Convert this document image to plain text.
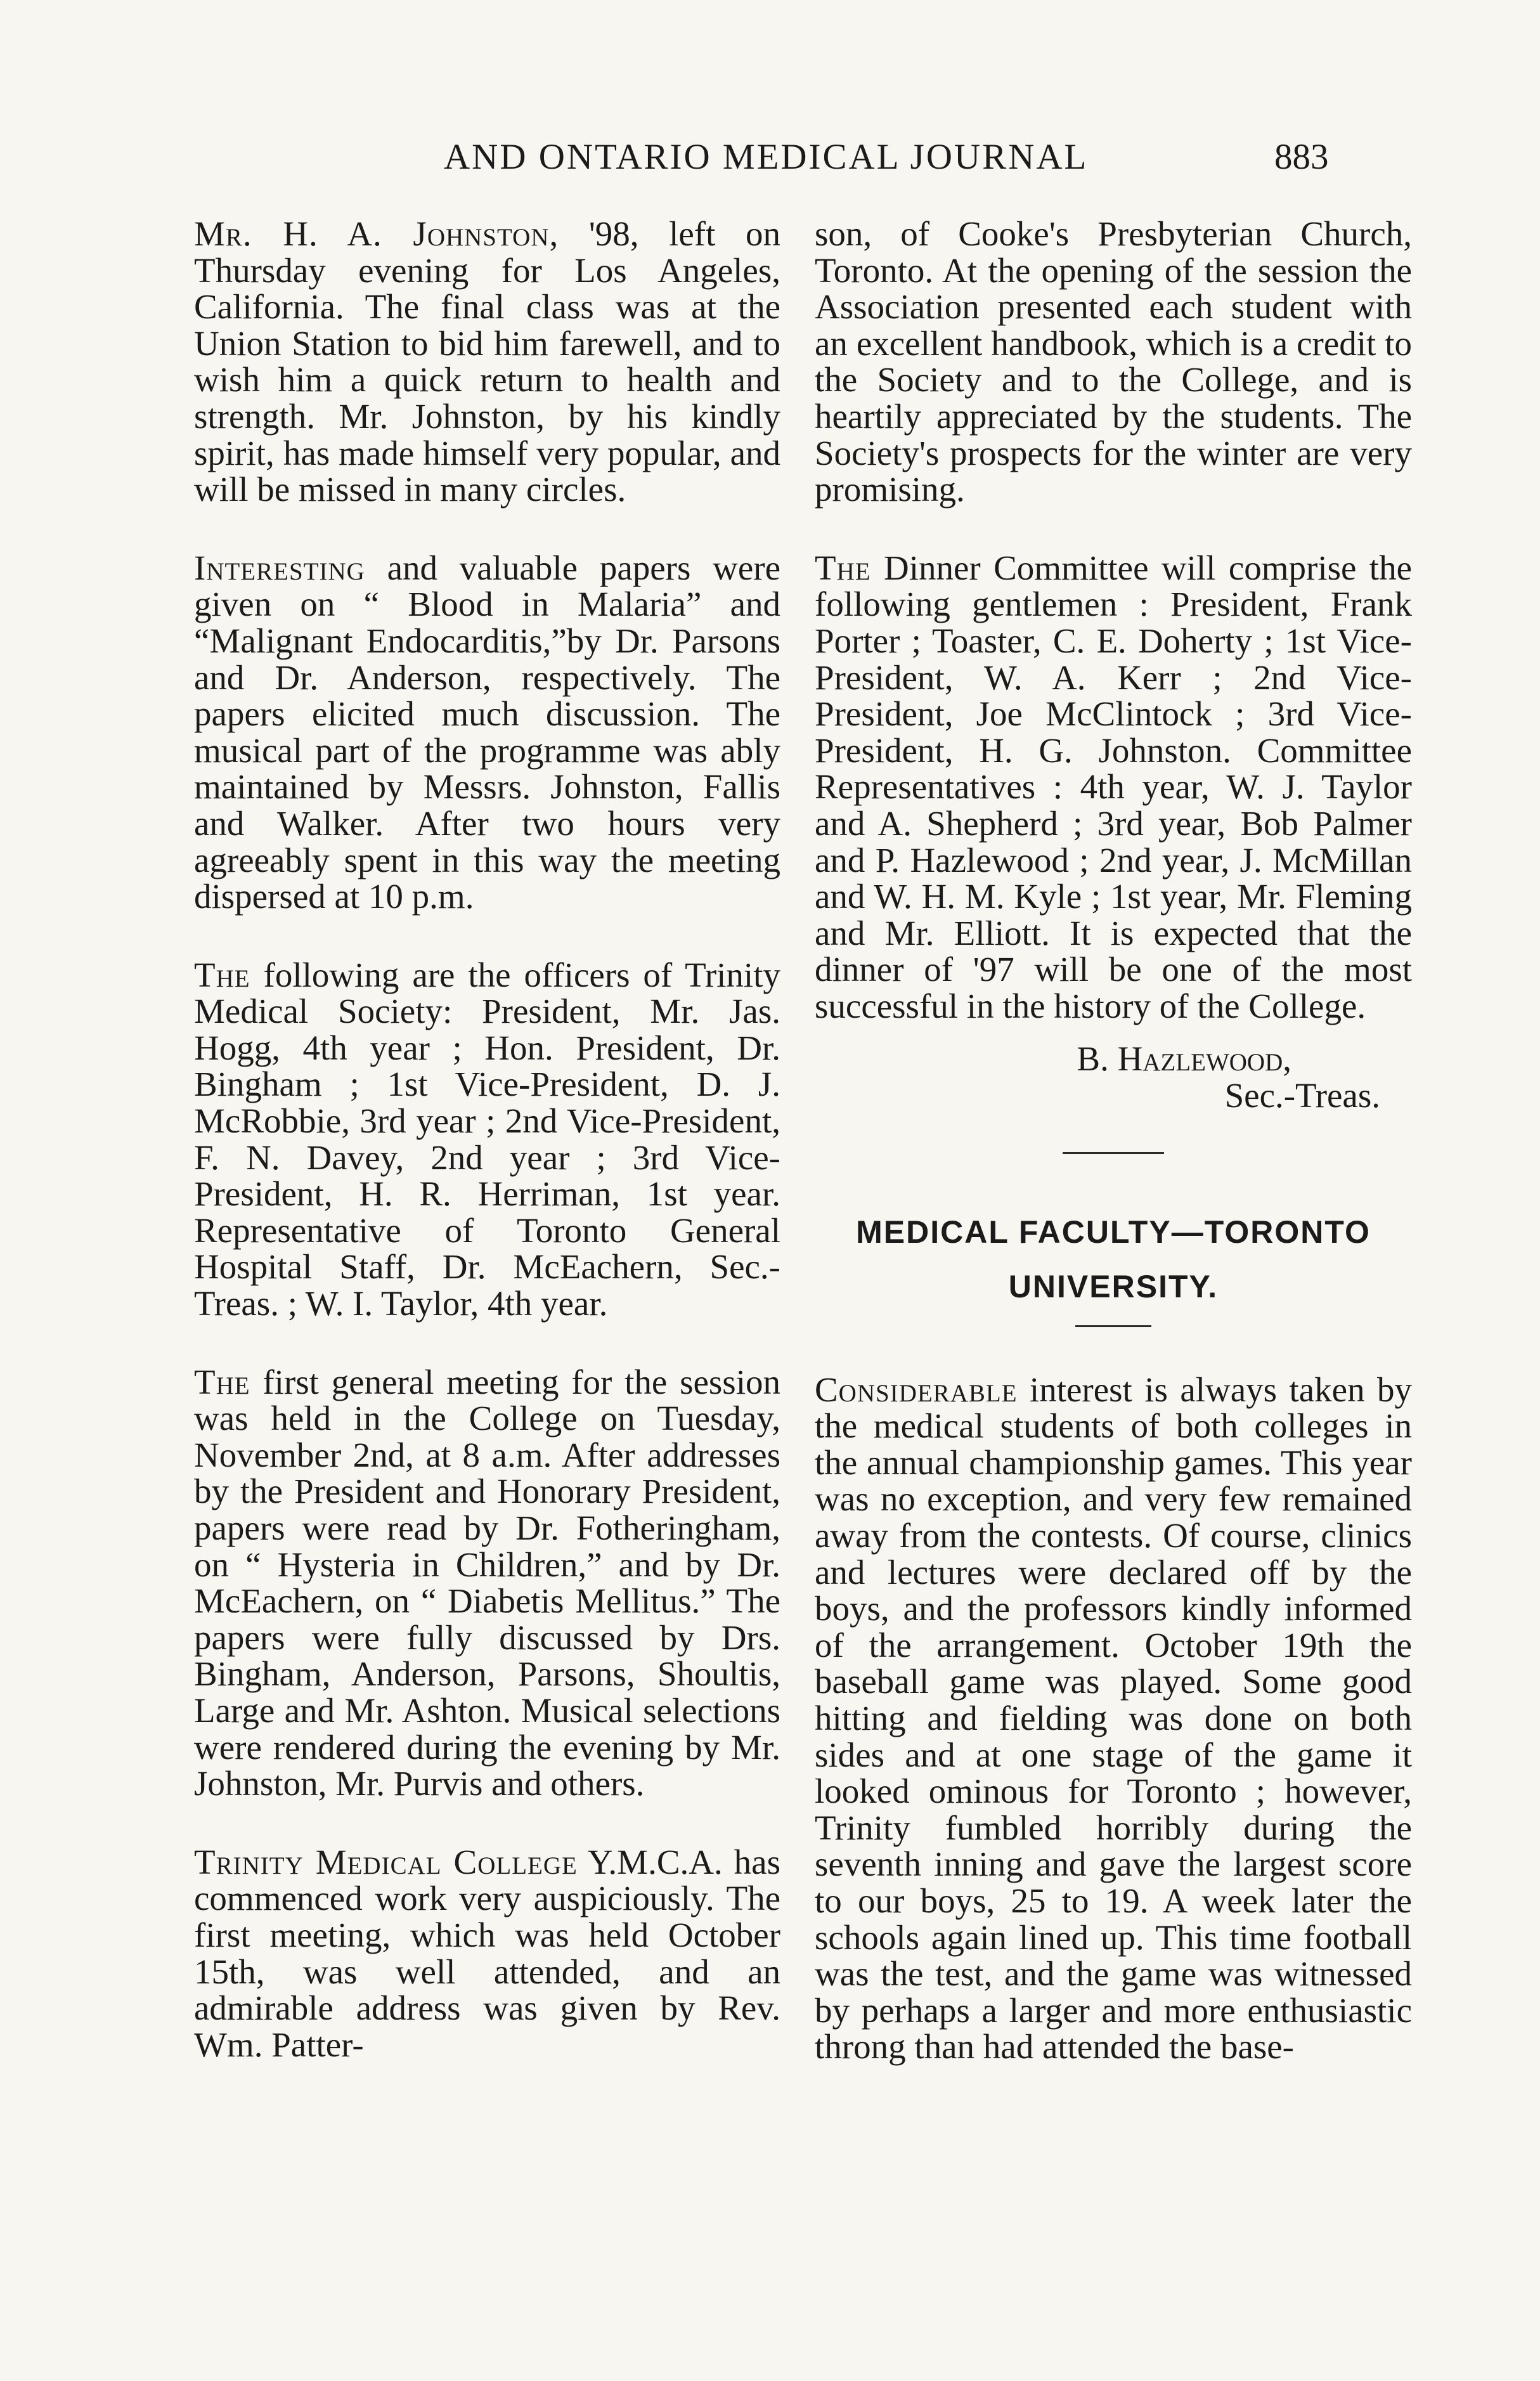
AND ONTARIO MEDICAL JOURNAL	883

Mr. H. A. Johnston, '98, left on Thursday evening for Los Angeles, California. The final class was at the Union Station to bid him farewell, and to wish him a quick return to health and strength. Mr. Johnston, by his kindly spirit, has made himself very popular, and will be missed in many circles.

Interesting and valuable papers were given on “ Blood in Malaria” and “Malignant Endocarditis,”by Dr. Parsons and Dr. Anderson, respectively. The papers elicited much discussion. The musical part of the programme was ably maintained by Messrs. Johnston, Fallis and Walker. After two hours very agreeably spent in this way the meeting dispersed at 10 p.m.

The following are the officers of Trinity Medical Society: President, Mr. Jas. Hogg, 4th year ; Hon. President, Dr. Bingham ; 1st Vice-President, D. J. McRobbie, 3rd year ; 2nd Vice-President, F. N. Davey, 2nd year ; 3rd Vice-President, H. R. Herriman, 1st year. Representative of Toronto General Hospital Staff, Dr. McEachern, Sec.-Treas. ; W. I. Taylor, 4th year.

The first general meeting for the session was held in the College on Tuesday, November 2nd, at 8 a.m. After addresses by the President and Honorary President, papers were read by Dr. Fotheringham, on “ Hysteria in Children,” and by Dr. McEachern, on “ Diabetis Mellitus.” The papers were fully discussed by Drs. Bingham, Anderson, Parsons, Shoultis, Large and Mr. Ashton. Musical selections were rendered during the evening by Mr. Johnston, Mr. Purvis and others.

Trinity Medical College Y.M.C.A. has commenced work very auspiciously. The first meeting, which was held October 15th, was well attended, and an admirable address was given by Rev. Wm. Patter-

son, of Cooke's Presbyterian Church, Toronto. At the opening of the session the Association presented each student with an excellent handbook, which is a credit to the Society and to the College, and is heartily appreciated by the students. The Society's prospects for the winter are very promising.

The Dinner Committee will comprise the following gentlemen : President, Frank Porter ; Toaster, C. E. Doherty ; 1st Vice-President, W. A. Kerr ; 2nd Vice-President, Joe McClintock ; 3rd Vice-President, H. G. Johnston. Committee Representatives : 4th year, W. J. Taylor and A. Shepherd ; 3rd year, Bob Palmer and P. Hazlewood ; 2nd year, J. McMillan and W. H. M. Kyle ; 1st year, Mr. Fleming and Mr. Elliott. It is expected that the dinner of '97 will be one of the most successful in the history of the College.

B. Hazlewood,

Sec.-Treas.

MEDICAL FACULTY—TORONTO
UNIVERSITY.

Considerable interest is always taken by the medical students of both colleges in the annual championship games. This year was no exception, and very few remained away from the contests. Of course, clinics and lectures were declared off by the boys, and the professors kindly informed of the arrangement. October 19th the baseball game was played. Some good hitting and fielding was done on both sides and at one stage of the game it looked ominous for Toronto ; however, Trinity fumbled horribly during the seventh inning and gave the largest score to our boys, 25 to 19. A week later the schools again lined up. This time football was the test, and the game was witnessed by perhaps a larger and more enthusiastic throng than had attended the base-
